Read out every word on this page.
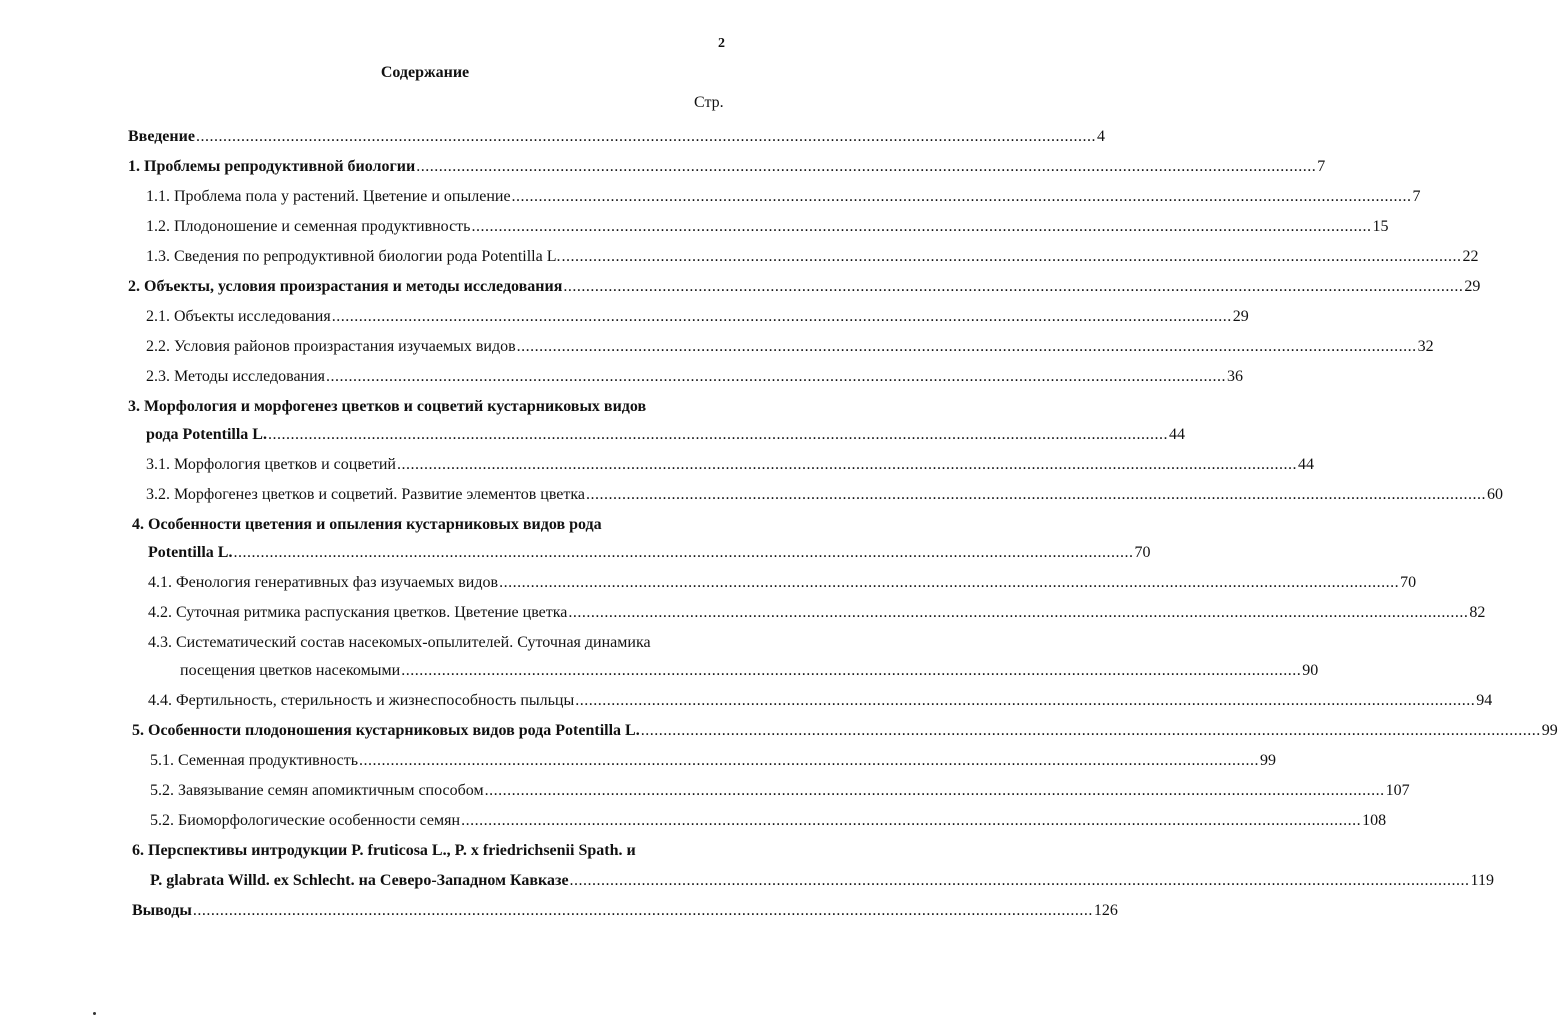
2
Содержание
Стр.
Введение ........................................................................................................................................................................................................ 4
1. Проблемы репродуктивной биологии ........................................................................................................................................................................................................ 7
1.1. Проблема пола у растений. Цветение и опыление ........................................................................................................................................................................................................ 7
1.2. Плодоношение и семенная продуктивность ........................................................................................................................................................................................................ 15
1.3. Сведения по репродуктивной биологии рода Potentilla L. ........................................................................................................................................................................................................ 22
2. Объекты, условия произрастания и методы исследования ........................................................................................................................................................................................................ 29
2.1. Объекты исследования ........................................................................................................................................................................................................ 29
2.2. Условия районов произрастания изучаемых видов ........................................................................................................................................................................................................ 32
2.3. Методы исследования ........................................................................................................................................................................................................ 36
3. Морфология и морфогенез цветков и соцветий кустарниковых видов
рода Potentilla L. ........................................................................................................................................................................................................ 44
3.1. Морфология цветков и соцветий ........................................................................................................................................................................................................ 44
3.2. Морфогенез цветков и соцветий. Развитие элементов цветка ........................................................................................................................................................................................................ 60
4. Особенности цветения и опыления кустарниковых видов рода
Potentilla L. ........................................................................................................................................................................................................ 70
4.1. Фенология генеративных фаз изучаемых видов ........................................................................................................................................................................................................ 70
4.2. Суточная ритмика распускания цветков. Цветение цветка ........................................................................................................................................................................................................ 82
4.3. Систематический состав насекомых-опылителей. Суточная динамика
посещения цветков насекомыми ........................................................................................................................................................................................................ 90
4.4. Фертильность, стерильность и жизнеспособность пыльцы ........................................................................................................................................................................................................ 94
5. Особенности плодоношения кустарниковых видов рода Potentilla L. ........................................................................................................................................................................................................ 99
5.1. Семенная продуктивность ........................................................................................................................................................................................................ 99
5.2. Завязывание семян апомиктичным способом ........................................................................................................................................................................................................ 107
5.2. Биоморфологические особенности семян ........................................................................................................................................................................................................ 108
6. Перспективы интродукции P. fruticosa L., P. x friedrichsenii Spath. и
P. glabrata Willd. ex Schlecht. на Северо-Западном Кавказе ........................................................................................................................................................................................................ 119
Выводы ........................................................................................................................................................................................................ 126
